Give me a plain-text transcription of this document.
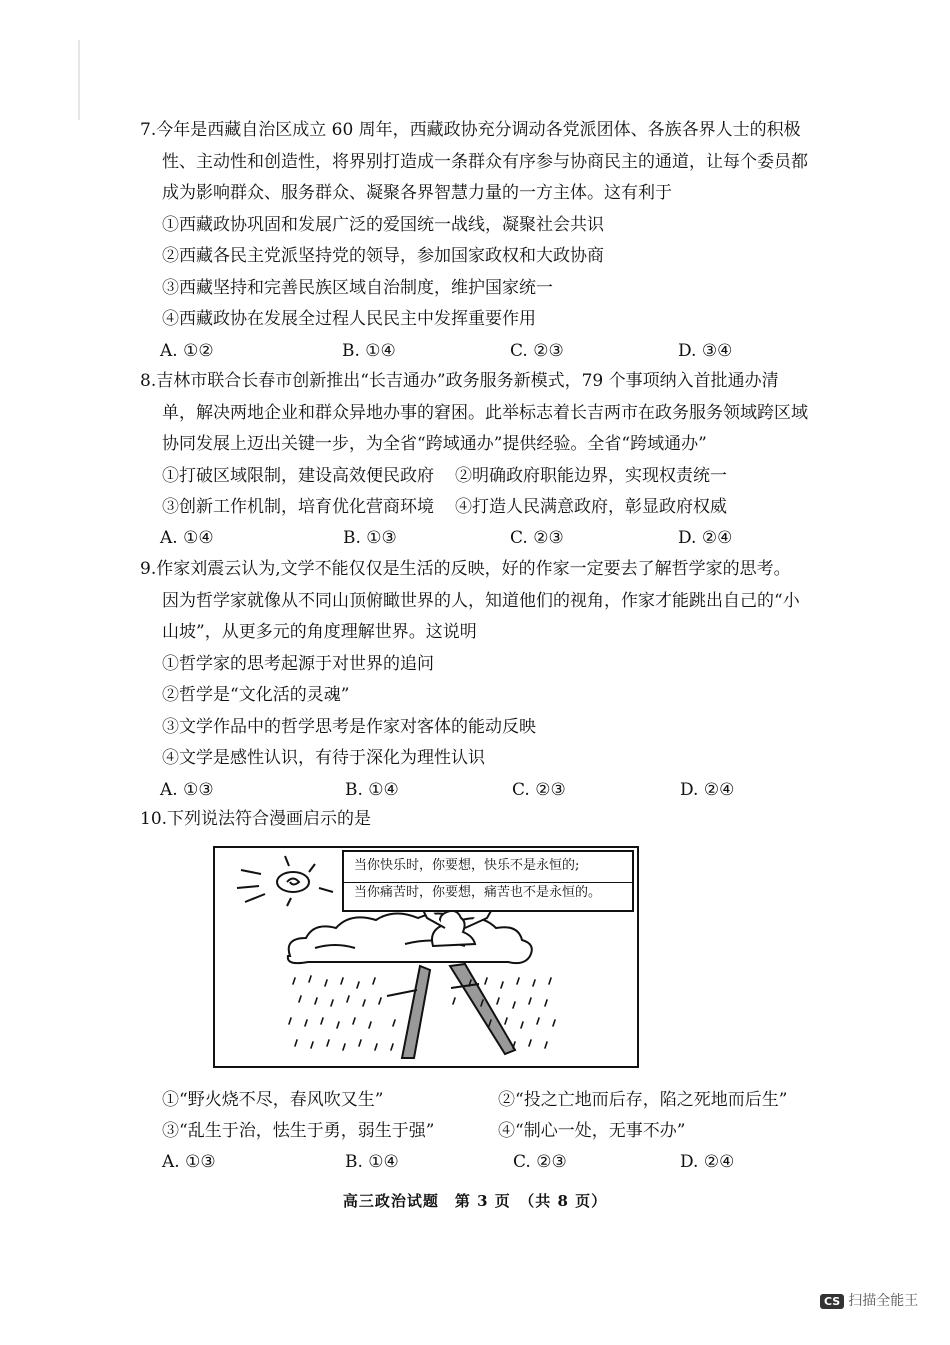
7.今年是西藏自治区成立 60 周年，西藏政协充分调动各党派团体、各族各界人士的积极
性、主动性和创造性，将界别打造成一条群众有序参与协商民主的通道，让每个委员都
成为影响群众、服务群众、凝聚各界智慧力量的一方主体。这有利于
①西藏政协巩固和发展广泛的爱国统一战线，凝聚社会共识
②西藏各民主党派坚持党的领导，参加国家政权和大政协商
③西藏坚持和完善民族区域自治制度，维护国家统一
④西藏政协在发展全过程人民民主中发挥重要作用
A. ①②	B. ①④	C. ②③	D. ③④
8.吉林市联合长春市创新推出“长吉通办”政务服务新模式，79 个事项纳入首批通办清
单，解决两地企业和群众异地办事的窘困。此举标志着长吉两市在政务服务领域跨区域
协同发展上迈出关键一步，为全省“跨域通办”提供经验。全省“跨域通办”
①打破区域限制，建设高效便民政府 ②明确政府职能边界，实现权责统一
③创新工作机制，培育优化营商环境 ④打造人民满意政府，彰显政府权威
A. ①④	B. ①③	C. ②③	D. ②④
9.作家刘震云认为,文学不能仅仅是生活的反映，好的作家一定要去了解哲学家的思考。
因为哲学家就像从不同山顶俯瞰世界的人，知道他们的视角，作家才能跳出自己的“小
山坡”，从更多元的角度理解世界。这说明
①哲学家的思考起源于对世界的追问
②哲学是“文化活的灵魂”
③文学作品中的哲学思考是作家对客体的能动反映
④文学是感性认识，有待于深化为理性认识
A. ①③	B. ①④	C. ②③	D. ②④
10.下列说法符合漫画启示的是
当你快乐时，你要想，快乐不是永恒的;
当你痛苦时，你要想，痛苦也不是永恒的。
①“野火烧不尽，春风吹又生”	②“投之亡地而后存，陷之死地而后生”
③“乱生于治，怯生于勇，弱生于强”	④“制心一处，无事不办”
A. ①③	B. ①④	C. ②③	D. ②④
高三政治试题　第 3 页　（共 8 页）
CS 扫描全能王
